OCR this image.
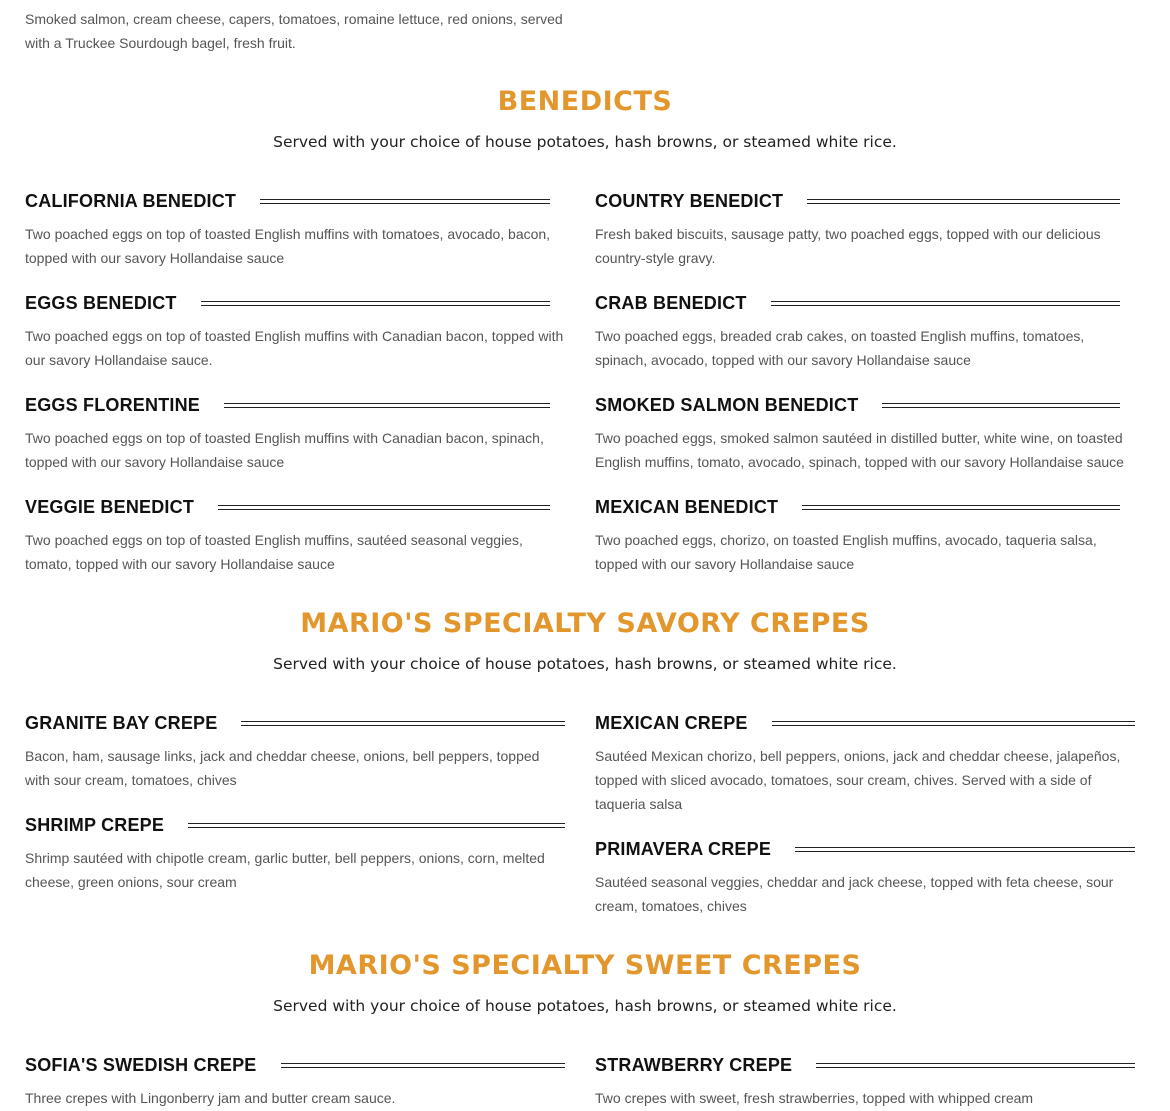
Smoked salmon, cream cheese, capers, tomatoes, romaine lettuce, red onions, served with a Truckee Sourdough bagel, fresh fruit.

BENEDICTS

Served with your choice of house potatoes, hash browns, or steamed white rice.

CALIFORNIA BENEDICT

Two poached eggs on top of toasted English muffins with tomatoes, avocado, bacon, topped with our savory Hollandaise sauce

COUNTRY BENEDICT

Fresh baked biscuits, sausage patty, two poached eggs, topped with our delicious country-style gravy.

EGGS BENEDICT

Two poached eggs on top of toasted English muffins with Canadian bacon, topped with our savory Hollandaise sauce.

CRAB BENEDICT

Two poached eggs, breaded crab cakes, on toasted English muffins, tomatoes, spinach, avocado, topped with our savory Hollandaise sauce

EGGS FLORENTINE

Two poached eggs on top of toasted English muffins with Canadian bacon, spinach, topped with our savory Hollandaise sauce

SMOKED SALMON BENEDICT

Two poached eggs, smoked salmon sautéed in distilled butter, white wine, on toasted English muffins, tomato, avocado, spinach, topped with our savory Hollandaise sauce

VEGGIE BENEDICT

Two poached eggs on top of toasted English muffins, sautéed seasonal veggies, tomato, topped with our savory Hollandaise sauce

MEXICAN BENEDICT

Two poached eggs, chorizo, on toasted English muffins, avocado, taqueria salsa, topped with our savory Hollandaise sauce

MARIO'S SPECIALTY SAVORY CREPES

Served with your choice of house potatoes, hash browns, or steamed white rice.

GRANITE BAY CREPE

Bacon, ham, sausage links, jack and cheddar cheese, onions, bell peppers, topped with sour cream, tomatoes, chives

MEXICAN CREPE

Sautéed Mexican chorizo, bell peppers, onions, jack and cheddar cheese, jalapeños, topped with sliced avocado, tomatoes, sour cream, chives. Served with a side of taqueria salsa

SHRIMP CREPE

Shrimp sautéed with chipotle cream, garlic butter, bell peppers, onions, corn, melted cheese, green onions, sour cream

PRIMAVERA CREPE

Sautéed seasonal veggies, cheddar and jack cheese, topped with feta cheese, sour cream, tomatoes, chives

MARIO'S SPECIALTY SWEET CREPES

Served with your choice of house potatoes, hash browns, or steamed white rice.

SOFIA'S SWEDISH CREPE

Three crepes with Lingonberry jam and butter cream sauce.

STRAWBERRY CREPE

Two crepes with sweet, fresh strawberries, topped with whipped cream
